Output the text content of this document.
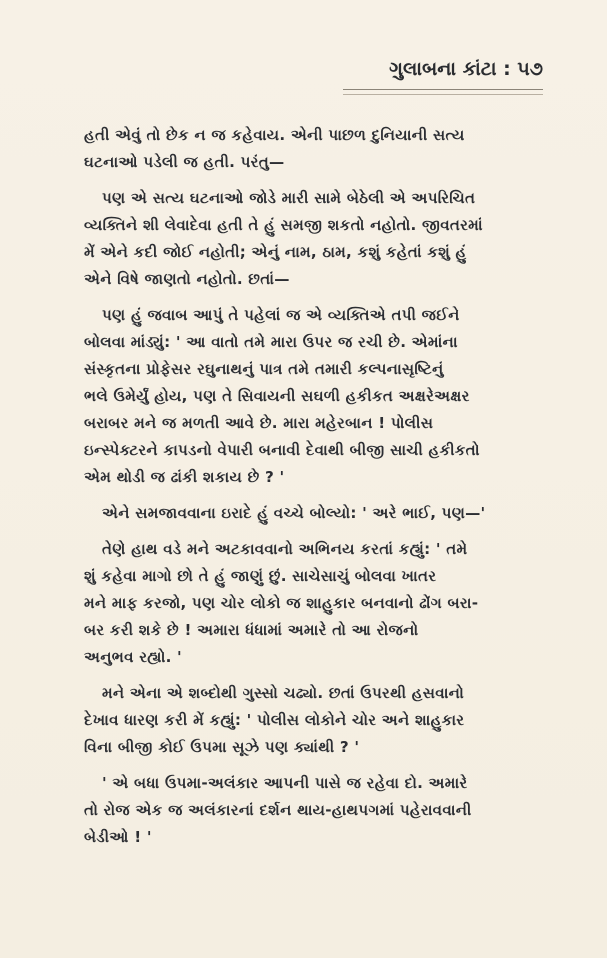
ગુલાબના કાંટા : ૫૭

હતી એવું તો છેક ન જ કહેવાય. એની પાછળ દુનિયાની સત્ય
ઘટનાઓ પડેલી જ હતી. પરંતુ—

પણ એ સત્ય ઘટનાઓ જોડે મારી સામે બેઠેલી એ અપરિચિત
વ્યક્તિને શી લેવાદેવા હતી તે હું સમજી શકતો નહોતો. જીવતરમાં
મેં એને કદી જોઈ નહોતી; એનું નામ, ઠામ, કશું કહેતાં કશું હું
એને વિષે જાણતો નહોતો. છતાં—

પણ હું જવાબ આપું તે પહેલાં જ એ વ્યક્તિએ તપી જઈને
બોલવા માંડ્યું: ' આ વાતો તમે મારા ઉપર જ રચી છે. એમાંના
સંસ્કૃતના પ્રોફેસર રઘુનાથનું પાત્ર તમે તમારી કલ્પનાસૃષ્ટિનું
ભલે ઉમેર્યું હોય, પણ તે સિવાયની સઘળી હકીકત અક્ષરેઅક્ષર
બરાબર મને જ મળતી આવે છે. મારા મહેરબાન ! પોલીસ
ઇન્સ્પેક્ટરને કાપડનો વેપારી બનાવી દેવાથી બીજી સાચી હકીકતો
એમ થોડી જ ઢાંકી શકાય છે ? '

એને સમજાવવાના ઇરાદે હું વચ્ચે બોલ્યો: ' અરે ભાઈ, પણ—'

તેણે હાથ વડે મને અટકાવવાનો અભિનય કરતાં કહ્યું: ' તમે
શું કહેવા માગો છો તે હું જાણું છું. સાચેસાચું બોલવા ખાતર
મને માફ કરજો, પણ ચોર લોકો જ શાહુકાર બનવાનો ઢોંગ બરા-
બર કરી શકે છે ! અમારા ધંધામાં અમારે તો આ રોજનો
અનુભવ રહ્યો. '

મને એના એ શબ્દોથી ગુસ્સો ચઢ્યો. છતાં ઉપરથી હસવાનો
દેખાવ ધારણ કરી મેં કહ્યું: ' પોલીસ લોકોને ચોર અને શાહુકાર
વિના બીજી કોઈ ઉપમા સૂઝે પણ ક્યાંથી ? '

' એ બધા ઉપમા-અલંકાર આપની પાસે જ રહેવા દો. અમારે
તો રોજ એક જ અલંકારનાં દર્શન થાય-હાથપગમાં પહેરાવવાની
બેડીઓ ! '
